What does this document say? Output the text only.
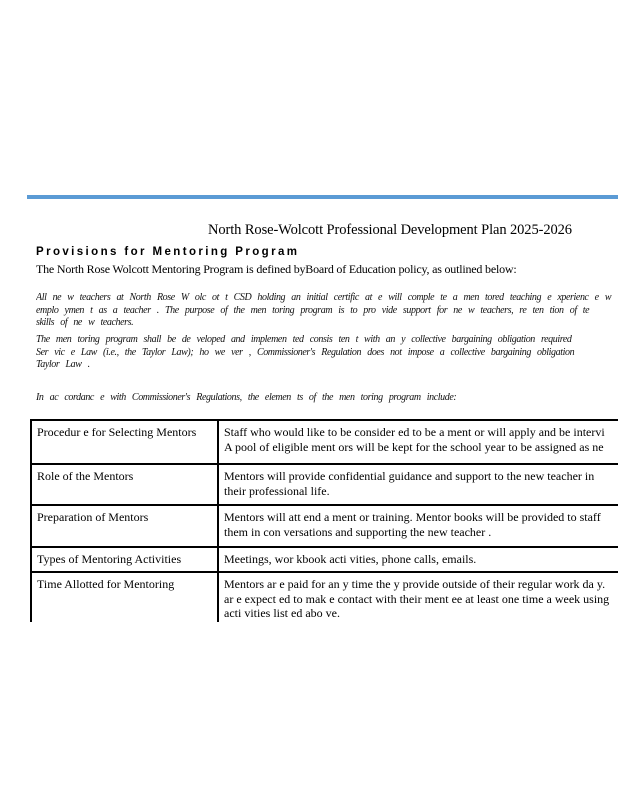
North Rose-Wolcott Professional Development Plan 2025-2026
Provisions for Mentoring Program
The North Rose Wolcott Mentoring Program is defined byBoard of Education policy, as outlined below:
All ne w teachers at North Rose W olc ot t CSD holding an initial certific at e will comple te a men tored teaching e xperienc e w
emplo ymen t as a teacher . The purpose of the men toring program is to pro vide support for ne w teachers, re ten tion of te
skills of ne w teachers.
The men toring program shall be de veloped and implemen ted consis ten t with an y collective bargaining obligation required
Ser vic e Law (i.e., the Taylor Law); ho we ver , Commissioner's Regulation does not impose a collective bargaining obligation
Taylor Law .
In ac cordanc e with Commissioner's Regulations, the elemen ts of the men toring program include:
Procedur e for Selecting Mentors	Staff who would like to be consider ed to be a ment or will apply and be intervi
A pool of eligible ment ors will be kept for the school year to be assigned as ne

Role of the Mentors	Mentors will provide confidential guidance and support to the new teacher in
their professional life.

Preparation of Mentors	Mentors will att end a ment or training. Mentor books will be provided to staff
them in con versations and supporting the new teacher .

Types of Mentoring Activities	Meetings, wor kbook acti vities, phone calls, emails.

Time Allotted for Mentoring	Mentors ar e paid for an y time the y provide outside of their regular work da y.
ar e expect ed to mak e contact with their ment ee at least one time a week using
acti vities list ed abo ve.
